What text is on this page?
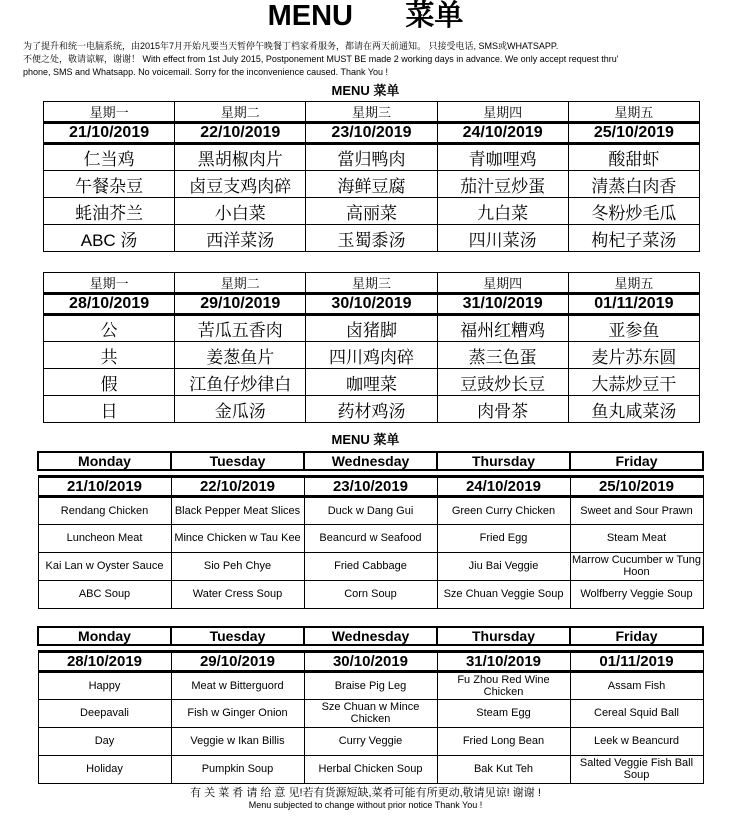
MENU 菜单
为了提升和统一电脑系统，由2015年7月开始凡要当天暂停午晚餐丁档家肴服务，都请在两天前通知。 只接受电话, SMS或WHATSAPP.
不便之处，敬请谅解，谢谢！ With effect from 1st July 2015, Postponement MUST BE made 2 working days in advance. We only accept request thru'
phone, SMS and Whatsapp. No voicemail. Sorry for the inconvenience caused. Thank You !
MENU 菜单
星期一	星期二	星期三	星期四	星期五
21/10/2019	22/10/2019	23/10/2019	24/10/2019	25/10/2019
仁当鸡	黑胡椒肉片	當归鸭肉	青咖哩鸡	酸甜虾
午餐杂豆	卤豆支鸡肉碎	海鲜豆腐	茄汁豆炒蛋	清蒸白肉香
蚝油芥兰	小白菜	高丽菜	九白菜	冬粉炒毛瓜
ABC 汤	西洋菜汤	玉蜀黍汤	四川菜汤	枸杞子菜汤
星期一	星期二	星期三	星期四	星期五
28/10/2019	29/10/2019	30/10/2019	31/10/2019	01/11/2019
公	苦瓜五香肉	卤猪脚	福州红糟鸡	亚参鱼
共	姜葱鱼片	四川鸡肉碎	蒸三色蛋	麦片苏东圆
假	江鱼仔炒律白	咖哩菜	豆豉炒长豆	大蒜炒豆干
日	金瓜汤	药材鸡汤	肉骨茶	鱼丸咸菜汤
MENU 菜单
Monday	Tuesday	Wednesday	Thursday	Friday

21/10/2019	22/10/2019	23/10/2019	24/10/2019	25/10/2019
Rendang Chicken	Black Pepper Meat Slices	Duck w Dang Gui	Green Curry Chicken	Sweet and Sour Prawn
Luncheon Meat	Mince Chicken w Tau Kee	Beancurd w Seafood	Fried Egg	Steam Meat
Kai Lan w Oyster Sauce	Sio Peh Chye	Fried Cabbage	Jiu Bai Veggie	Marrow Cucumber w Tung Hoon
ABC Soup	Water Cress Soup	Corn Soup	Sze Chuan Veggie Soup	Wolfberry Veggie Soup
Monday	Tuesday	Wednesday	Thursday	Friday

28/10/2019	29/10/2019	30/10/2019	31/10/2019	01/11/2019
Happy	Meat w Bitterguord	Braise Pig Leg	Fu Zhou Red Wine Chicken	Assam Fish
Deepavali	Fish w Ginger Onion	Sze Chuan w Mince Chicken	Steam Egg	Cereal Squid Ball
Day	Veggie w Ikan Billis	Curry Veggie	Fried Long Bean	Leek w Beancurd
Holiday	Pumpkin Soup	Herbal Chicken Soup	Bak Kut Teh	Salted Veggie Fish Ball Soup
有 关 菜 肴 请 给 意 见!若有货源短缺,菜肴可能有所更动,敬请见谅! 谢谢 !
Menu subjected to change without prior notice Thank You !
